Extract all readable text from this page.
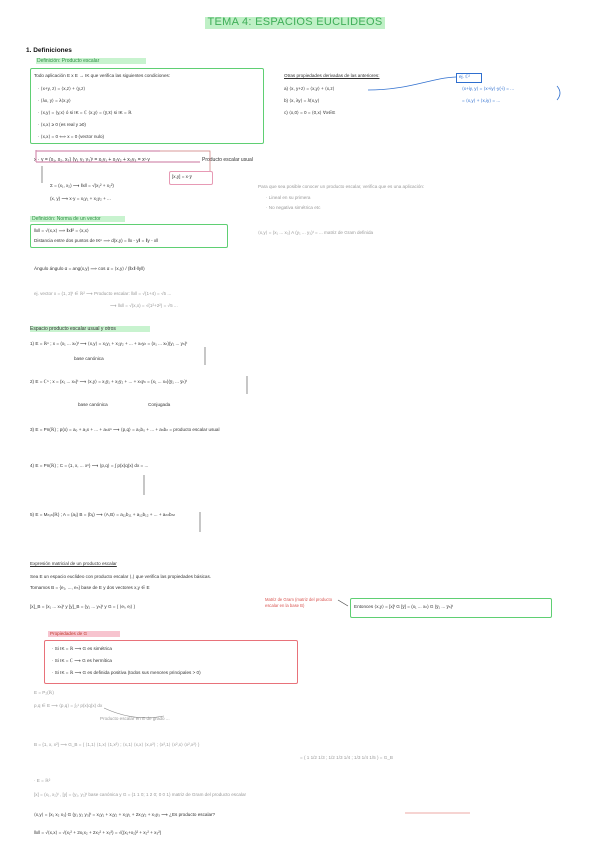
TEMA 4: ESPACIOS EUCLIDEOS
1. Definiciones
Definición: Producto escalar
Todo aplicación E x E → IK que verifica las siguientes condiciones:
· ⟨x+y, z⟩ = ⟨x,z⟩ + ⟨y,z⟩
· ⟨λx, y⟩ = λ⟨x,y⟩
· ⟨x,y⟩ = ⟨y,x⟩ ó si IK = ℂ ⟨x,y⟩ = ⟨ȳ,x̄⟩ si IK = ℝ
· ⟨x,x⟩ ≥ 0 (es real y ≥0)
· ⟨x,x⟩ = 0 ⟺ x = 0 (vector nulo)
Otras propiedades derivadas de las anteriores:
a) ⟨x, y+z⟩ = ⟨x,y⟩ + ⟨x,z⟩
b) ⟨x, λy⟩ = λ̄⟨x,y⟩
c) ⟨x,0⟩ = 0 = ⟨0,x⟩ ∀x∈E
ej. ℂ²
⟨x+iy, y⟩ = ⟨x+iy⟩·y(-i) = ...
= ⟨x,y⟩ + ⟨x,iy⟩ = ...
x · y = (x₁, x₂, x₃) (y₁ y₂ y₃)ᵗ = x₁y₁ + x₂y₂ + x₃y₃ = xᵗ·y	Producto escalar usual
[x,y] = x·ȳ
Σ = (x₁, x₂) ⟶ ‖x‖ = √(x₁² + x₂²)
(x, y) ⟶ x·y = x₁y₁ + x₂y₂ + ...
Para que sea posible conocer un producto escalar, verifica que es una aplicación:
· Lineal en su primera
· No negativa simétrica etc
⟨x,y⟩ = (x₁ ... x₃) A (y₁ ... y₃)ᵗ = ... matriz de Gram definida
Definición: Norma de un vector
‖x‖ = √⟨x,x⟩ ⟹ ‖x‖² = ⟨x,x⟩
Distancia entre dos puntos de IKⁿ ⟹ d(x,y) = ‖x - y‖ = ‖y - x‖
Ángulo ángulo α = ang(x,y) ⟹ cos α = ⟨x,y⟩ / (‖x‖·‖y‖)
ej. vector x = (1, 2)ᵗ ∈ ℝ² ⟶ Producto escalar: ‖x‖ = √(1+4) = √5 ...
⟶ ‖x‖ = √(x,x) = √(1²+2²) = √5 ...
Espacio producto escalar usual y otros
1) E = ℝⁿ ; x = (x₁ ... xₙ)ᵗ ⟶ ⟨x,y⟩ = x₁y₁ + x₂y₂ + ... + xₙyₙ = (x₁ ... xₙ)(y₁ ... yₙ)ᵗ
2) E = ℂⁿ ; x = (x₁ ... xₙ)ᵗ ⟶ ⟨x,y⟩ = x₁ȳ₁ + x₂ȳ₂ + ... + xₙȳₙ = (x₁ ... xₙ)(ȳ₁ ... ȳₙ)ᵗ
3) E = Pn(ℝ) ; p(x) = a₀ + a₁x + ... + aₙxⁿ ⟶ ⟨p,q⟩ = a₀b₀ + ... + aₙbₙ = producto escalar usual
4) E = Pn(ℝ) ; C = (1, x, ... xⁿ) ⟶ ⟨p,q⟩ = ∫ p(x)q(x) dx = ...
5) E = Mₙₓₙ(ℝ) ; A = (aᵢⱼ) B = (bᵢⱼ) ⟶ ⟨A,B⟩ = a₁₁b₁₁ + a₁₂b₁₂ + ... + aₙₙbₙₙ
base canónica
base canónica	Conjugada
Expresión matricial de un producto escalar
Sea E un espacio euclideo con producto escalar ⟨,⟩ que verifica las propiedades básicas.
Tomamos B = {e₁, ..., eₙ} base de E y dos vectores x,y ∈ E
[x]_B = (x₁ ... xₙ)ᵗ y [y]_B = (y₁ ... yₙ)ᵗ y G = ( ⟨eᵢ, eⱼ⟩ )
Matriz de Gram (matriz del producto escalar en la base B)	Entonces ⟨x,y⟩ = [x]ᵗ G [ȳ] = (x₁ ... xₙ) G (ȳ₁ ... ȳₙ)ᵗ
Propiedades de G
· Si IK = ℝ ⟶ G es simétrica
· Si IK = ℂ ⟶ G es hermítica
· Si IK = ℝ ⟶ G es definida positiva (todos sus menores principales > 0)
E = P₂(ℝ)
p,q ∈ E ⟶ ⟨p,q⟩ = ∫₀¹ p(x)q(x) dx
Producto escalar en E de grado ...
B = {1, x, x²} ⟶ G_B = ( ⟨1,1⟩ ⟨1,x⟩ ⟨1,x²⟩ ; ⟨x,1⟩ ⟨x,x⟩ ⟨x,x²⟩ ; ⟨x²,1⟩ ⟨x²,x⟩ ⟨x²,x²⟩ )
= ( 1 1/2 1/3 ; 1/2 1/3 1/4 ; 1/3 1/4 1/5 ) = G_B
· E = ℝ²
[x] = (x₁, x₂)ᵗ , [y] = (y₁, y₂)ᵗ base canónica y G = (1 1 0; 1 2 0; 0 0 1) matriz de Gram del producto escalar
⟨x,y⟩ = (x₁ x₂ x₃) G (y₁ y₂ y₃)ᵗ = x₁y₁ + x₁y₂ + x₂y₁ + 2x₂y₂ + x₃y₃ ⟶ ¿Es producto escalar?
‖x‖ = √⟨x,x⟩ = √(x₁² + 2x₁x₂ + 2x₂² + x₃²) = √((x₁+x₂)² + x₂² + x₃²)
